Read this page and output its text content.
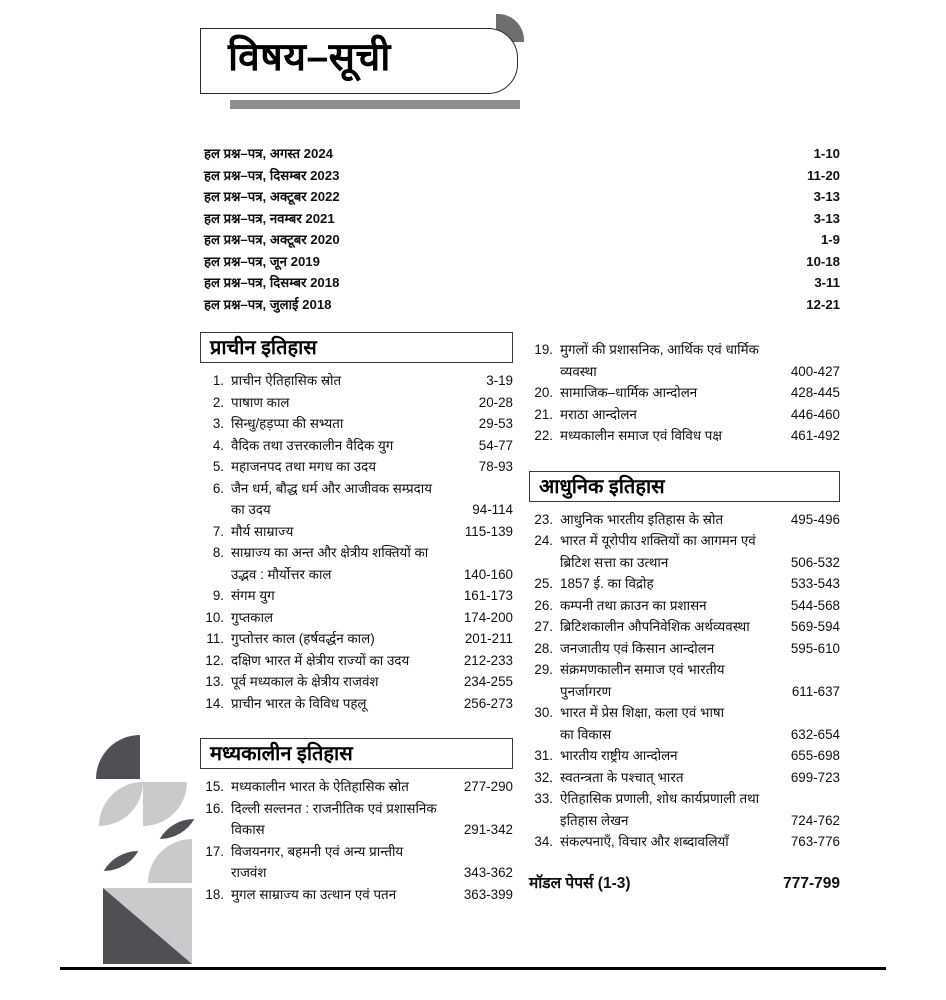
विषय–सूची
हल प्रश्न–पत्र, अगस्त 2024	1-10
हल प्रश्न–पत्र, दिसम्बर 2023	11-20
हल प्रश्न–पत्र, अक्टूबर 2022	3-13
हल प्रश्न–पत्र, नवम्बर 2021	3-13
हल प्रश्न–पत्र, अक्टूबर 2020	1-9
हल प्रश्न–पत्र, जून 2019	10-18
हल प्रश्न–पत्र, दिसम्बर 2018	3-11
हल प्रश्न–पत्र, जुलाई 2018	12-21
प्राचीन इतिहास
1. प्राचीन ऐतिहासिक स्रोत	3-19
2. पाषाण काल	20-28
3. सिन्धु/हड़प्पा की सभ्यता	29-53
4. वैदिक तथा उत्तरकालीन वैदिक युग	54-77
5. महाजनपद तथा मगध का उदय	78-93
6. जैन धर्म, बौद्ध धर्म और आजीवक सम्प्रदाय
का उदय	94-114
7. मौर्य साम्राज्य	115-139
8. साम्राज्य का अन्त और क्षेत्रीय शक्तियों का
उद्भव : मौर्योत्तर काल	140-160
9. संगम युग	161-173
10. गुप्तकाल	174-200
11. गुप्तोत्तर काल (हर्षवर्द्धन काल)	201-211
12. दक्षिण भारत में क्षेत्रीय राज्यों का उदय	212-233
13. पूर्व मध्यकाल के क्षेत्रीय राजवंश	234-255
14. प्राचीन भारत के विविध पहलू	256-273
मध्यकालीन इतिहास
15. मध्यकालीन भारत के ऐतिहासिक स्रोत	277-290
16. दिल्ली सल्तनत : राजनीतिक एवं प्रशासनिक
विकास	291-342
17. विजयनगर, बहमनी एवं अन्य प्रान्तीय राजवंश	343-362
18. मुगल साम्राज्य का उत्थान एवं पतन	363-399
19. मुगलों की प्रशासनिक, आर्थिक एवं धार्मिक
व्यवस्था	400-427
20. सामाजिक–धार्मिक आन्दोलन	428-445
21. मराठा आन्दोलन	446-460
22. मध्यकालीन समाज एवं विविध पक्ष	461-492
आधुनिक इतिहास
23. आधुनिक भारतीय इतिहास के स्रोत	495-496
24. भारत में यूरोपीय शक्तियों का आगमन एवं
ब्रिटिश सत्ता का उत्थान	506-532
25. 1857 ई. का विद्रोह	533-543
26. कम्पनी तथा क्राउन का प्रशासन	544-568
27. ब्रिटिशकालीन औपनिवेशिक अर्थव्यवस्था	569-594
28. जनजातीय एवं किसान आन्दोलन	595-610
29. संक्रमणकालीन समाज एवं भारतीय
पुनर्जागरण	611-637
30. भारत में प्रेस शिक्षा, कला एवं भाषा
का विकास	632-654
31. भारतीय राष्ट्रीय आन्दोलन	655-698
32. स्वतन्त्रता के पश्चात् भारत	699-723
33. ऐतिहासिक प्रणाली, शोध कार्यप्रणाली तथा
इतिहास लेखन	724-762
34. संकल्पनाएँ, विचार और शब्दावलियाँ	763-776
मॉडल पेपर्स (1-3)	777-799
